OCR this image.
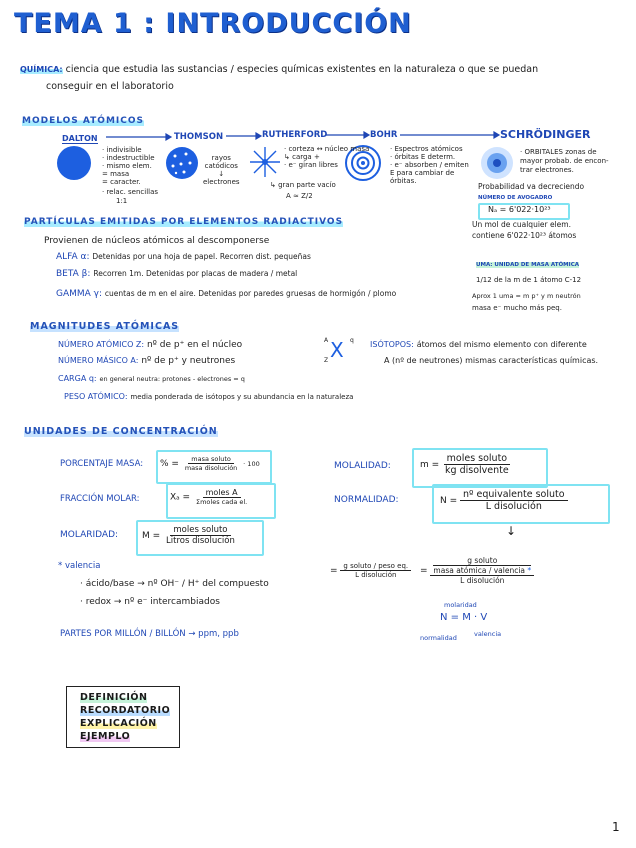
TEMA 1 : INTRODUCCIÓN
QUÍMICA: ciencia que estudia las sustancias / especies químicas existentes en la naturaleza o que se puedan
conseguir en el laboratorio
MODELOS ATÓMICOS
DALTON	THOMSON	RUTHERFORD	BOHR	SCHRÖDINGER
· indivisible
· indestructible
· mismo elem.
= masa
= caracter.
· relac. sencillas
1:1
rayos
catódicos
↓
electrones
· corteza ↔ núcleo masa
↳ carga +
· e⁻ giran libres
↳ gran parte vacío
A ≈ Z/2
· Espectros atómicos
· órbitas E determ.
· e⁻ absorben / emiten
E para cambiar de
órbitas.
· ORBITALES zonas de
mayor probab. de encon-
trar electrones.
Probabilidad va decreciendo
NÚMERO DE AVOGADRO
Nₐ = 6'022·10²³
Un mol de cualquier elem.
contiene 6'022·10²³ átomos
PARTÍCULAS EMITIDAS POR ELEMENTOS RADIACTIVOS
Provienen de núcleos atómicos al descomponerse
ALFA α: Detenidas por una hoja de papel. Recorren dist. pequeñas
BETA β: Recorren 1m. Detenidas por placas de madera / metal
GAMMA γ: cuentas de m en el aire. Detenidas por paredes gruesas de hormigón / plomo
UMA: UNIDAD DE MASA ATÓMICA
1/12 de la m de 1 átomo C-12
Aprox 1 uma = m p⁺ y m neutrón
masa e⁻ mucho más peq.
MAGNITUDES ATÓMICAS
NÚMERO ATÓMICO Z: nº de p⁺ en el núcleo
NÚMERO MÁSICO A: nº de p⁺ y neutrones
CARGA q: en general neutra: protones - electrones = q
PESO ATÓMICO: media ponderada de isótopos y su abundancia en la naturaleza
A X q
Z
ISÓTOPOS: átomos del mismo elemento con diferente
A (nº de neutrones) mismas características químicas.
UNIDADES DE CONCENTRACIÓN
PORCENTAJE MASA: % = $\frac{\text{masa soluto}}{\text{masa disolución}} \cdot 100$
FRACCIÓN MOLAR:	$X_a = \frac{\text{moles A}}{\text{Σmoles cada el.}}$
MOLARIDAD:	$M = \frac{\text{moles soluto}}{\text{Litros disolución}}$
MOLALIDAD:	$m = \frac{\text{moles soluto}}{\text{kg disolvente}}$
NORMALIDAD:	$N = \frac{\text{nº equivalente soluto}}{\text{L disolución}}$
↓
* valencia
· ácido/base → nº OH⁻ / H⁺ del compuesto
· redox → nº e⁻ intercambiados
PARTES POR MILLÓN / BILLÓN → ppm, ppb
= $\frac{\text{g soluto / peso eq.}}{\text{L disolución}} = g$ soluto
masa atómica / valencia *
L disolución
molaridad
N = M · V
normalidad	valencia
DEFINICIÓN
RECORDATORIO
EXPLICACIÓN
EJEMPLO
1
